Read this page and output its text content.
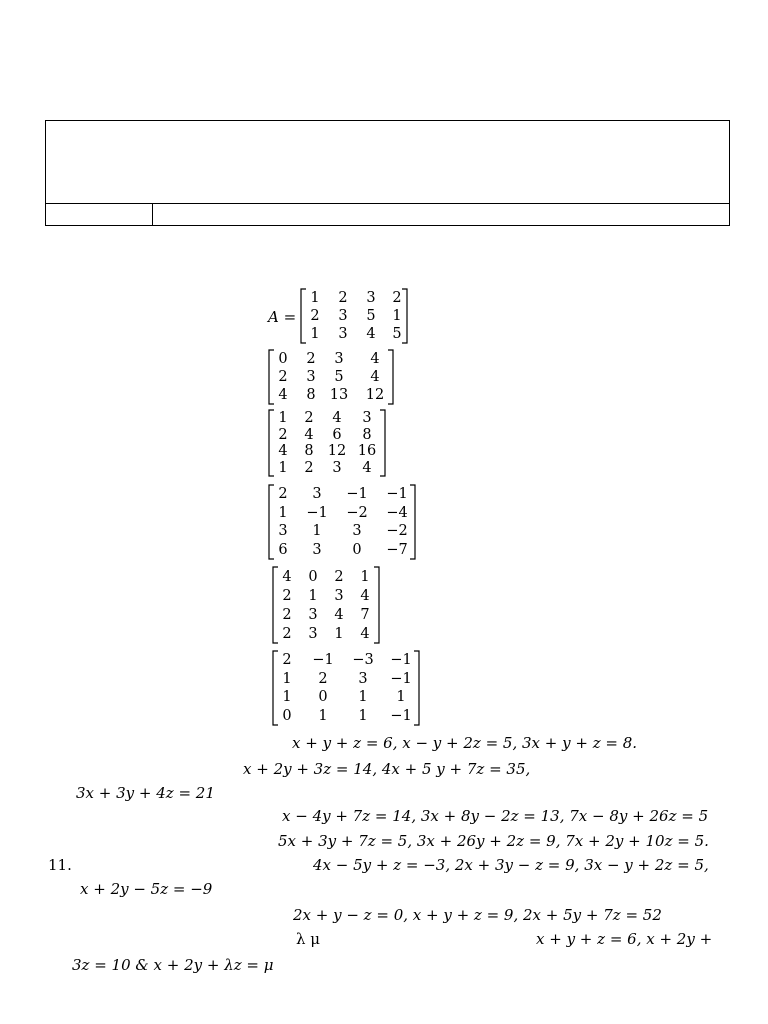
1	2	3	2
2	3	5	1
1	3	4	5
A =
0	2	3	4
2	3	5	4
4	8 13	12
1	2	4	3
2	4	6	8
4	8 12 16
1	2	3	4
2	3	−1 −1
1	−1 −2 −4
3	1	3	−2
6	3	0	−7
4	0	2	1
2	1	3	4
2	3	4	7
2	3	1	4
2	−1 −3 −1
1	2	3	−1
1	0	1	1
0	1	1	−1
x + y + z = 6, x − y + 2z = 5, 3x + y + z = 8.
x + 2y + 3z = 14, 4x + 5 y + 7z = 35,
3x + 3y + 4z = 21
x − 4y + 7z = 14, 3x + 8y − 2z = 13, 7x − 8y + 26z = 5
5x + 3y + 7z = 5, 3x + 26y + 2z = 9, 7x + 2y + 10z = 5.
11.	4x − 5y + z = −3, 2x + 3y − z = 9, 3x − y + 2z = 5,
x + 2y − 5z = −9
2x + y − z = 0, x + y + z = 9, 2x + 5y + 7z = 52
λ μ	x + y + z = 6, x + 2y +
3z = 10 & x + 2y + λz = μ
